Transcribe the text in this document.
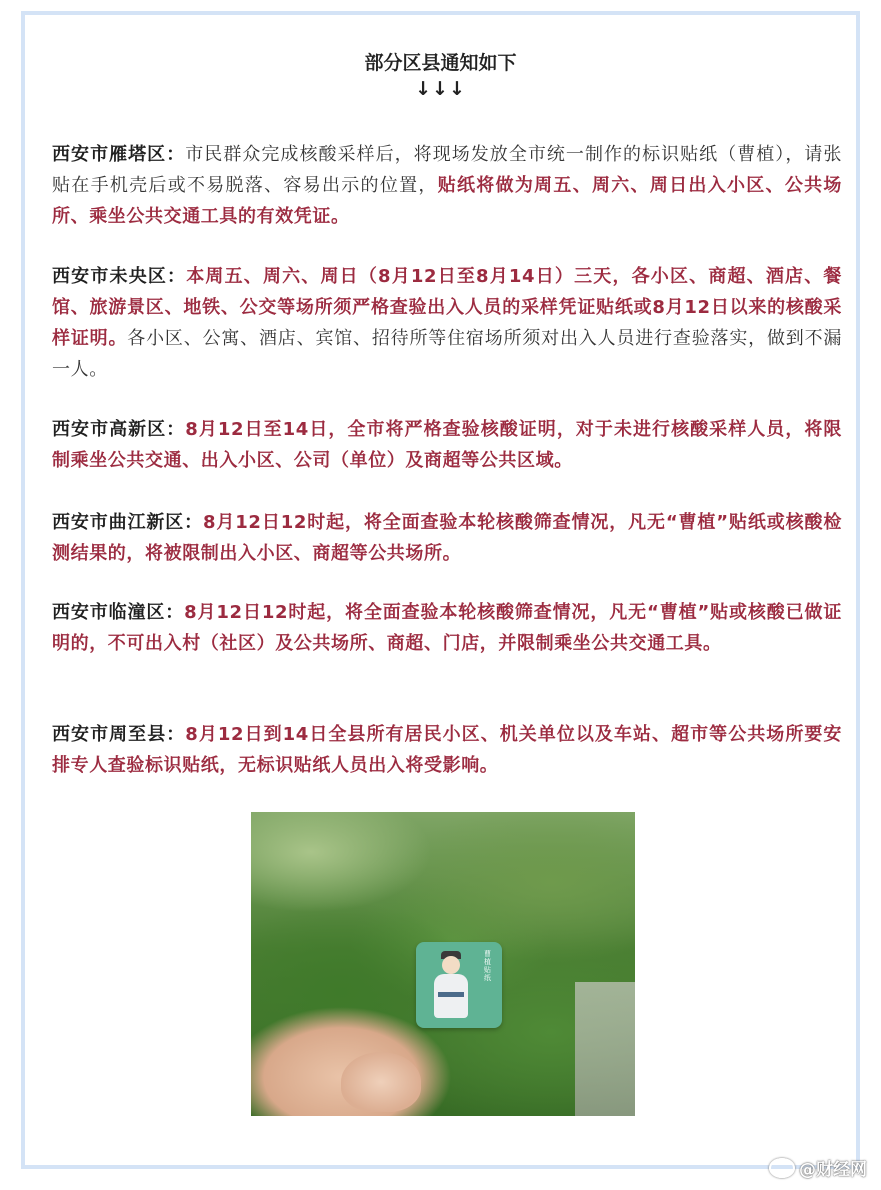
部分区县通知如下
↓↓↓
西安市雁塔区：市民群众完成核酸采样后，将现场发放全市统一制作的标识贴纸（曹植），请张贴在手机壳后或不易脱落、容易出示的位置，贴纸将做为周五、周六、周日出入小区、公共场所、乘坐公共交通工具的有效凭证。
西安市未央区：本周五、周六、周日（8月12日至8月14日）三天，各小区、商超、酒店、餐馆、旅游景区、地铁、公交等场所须严格查验出入人员的采样凭证贴纸或8月12日以来的核酸采样证明。各小区、公寓、酒店、宾馆、招待所等住宿场所须对出入人员进行查验落实，做到不漏一人。
西安市高新区：8月12日至14日，全市将严格查验核酸证明，对于未进行核酸采样人员，将限制乘坐公共交通、出入小区、公司（单位）及商超等公共区域。
西安市曲江新区：8月12日12时起，将全面查验本轮核酸筛查情况，凡无“曹植”贴纸或核酸检测结果的，将被限制出入小区、商超等公共场所。
西安市临潼区：8月12日12时起，将全面查验本轮核酸筛查情况，凡无“曹植”贴或核酸已做证明的，不可出入村（社区）及公共场所、商超、门店，并限制乘坐公共交通工具。
西安市周至县：8月12日到14日全县所有居民小区、机关单位以及车站、超市等公共场所要安排专人查验标识贴纸，无标识贴纸人员出入将受影响。
曹植贴纸
@财经网
